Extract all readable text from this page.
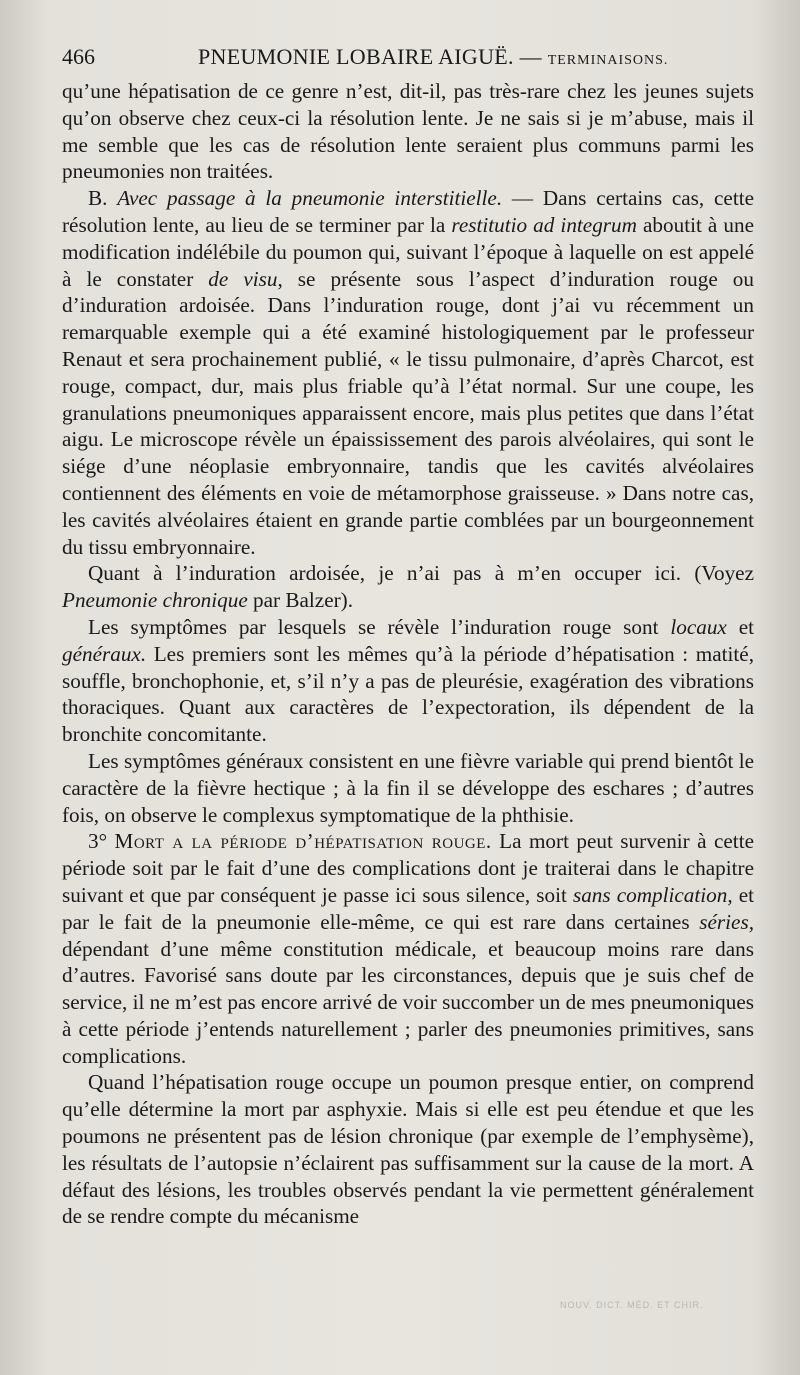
466	PNEUMONIE LOBAIRE AIGUË. — TERMINAISONS.

qu’une hépatisation de ce genre n’est, dit-il, pas très-rare chez les jeunes sujets qu’on observe chez ceux-ci la résolution lente. Je ne sais si je m’abuse, mais il me semble que les cas de résolution lente seraient plus communs parmi les pneumonies non traitées.

B. Avec passage à la pneumonie interstitielle. — Dans certains cas, cette résolution lente, au lieu de se terminer par la restitutio ad integrum aboutit à une modification indélébile du poumon qui, suivant l’époque à laquelle on est appelé à le constater de visu, se présente sous l’aspect d’induration rouge ou d’induration ardoisée. Dans l’induration rouge, dont j’ai vu récemment un remarquable exemple qui a été examiné histologiquement par le professeur Renaut et sera prochainement publié, « le tissu pulmonaire, d’après Charcot, est rouge, compact, dur, mais plus friable qu’à l’état normal. Sur une coupe, les granulations pneumoniques apparaissent encore, mais plus petites que dans l’état aigu. Le microscope révèle un épaississement des parois alvéolaires, qui sont le siége d’une néoplasie embryonnaire, tandis que les cavités alvéolaires contiennent des éléments en voie de métamorphose graisseuse. » Dans notre cas, les cavités alvéolaires étaient en grande partie comblées par un bourgeonnement du tissu embryonnaire.

Quant à l’induration ardoisée, je n’ai pas à m’en occuper ici. (Voyez Pneumonie chronique par Balzer).

Les symptômes par lesquels se révèle l’induration rouge sont locaux et généraux. Les premiers sont les mêmes qu’à la période d’hépatisation : matité, souffle, bronchophonie, et, s’il n’y a pas de pleurésie, exagération des vibrations thoraciques. Quant aux caractères de l’expectoration, ils dépendent de la bronchite concomitante.

Les symptômes généraux consistent en une fièvre variable qui prend bientôt le caractère de la fièvre hectique ; à la fin il se développe des eschares ; d’autres fois, on observe le complexus symptomatique de la phthisie.

3° Mort a la période d’hépatisation rouge. La mort peut survenir à cette période soit par le fait d’une des complications dont je traiterai dans le chapitre suivant et que par conséquent je passe ici sous silence, soit sans complication, et par le fait de la pneumonie elle-même, ce qui est rare dans certaines séries, dépendant d’une même constitution médicale, et beaucoup moins rare dans d’autres. Favorisé sans doute par les circonstances, depuis que je suis chef de service, il ne m’est pas encore arrivé de voir succomber un de mes pneumoniques à cette période j’entends naturellement ; parler des pneumonies primitives, sans complications.

Quand l’hépatisation rouge occupe un poumon presque entier, on comprend qu’elle détermine la mort par asphyxie. Mais si elle est peu étendue et que les poumons ne présentent pas de lésion chronique (par exemple de l’emphysème), les résultats de l’autopsie n’éclairent pas suffisamment sur la cause de la mort. A défaut des lésions, les troubles observés pendant la vie permettent généralement de se rendre compte du mécanisme

NOUV. DICT. MÉD. ET CHIR.
